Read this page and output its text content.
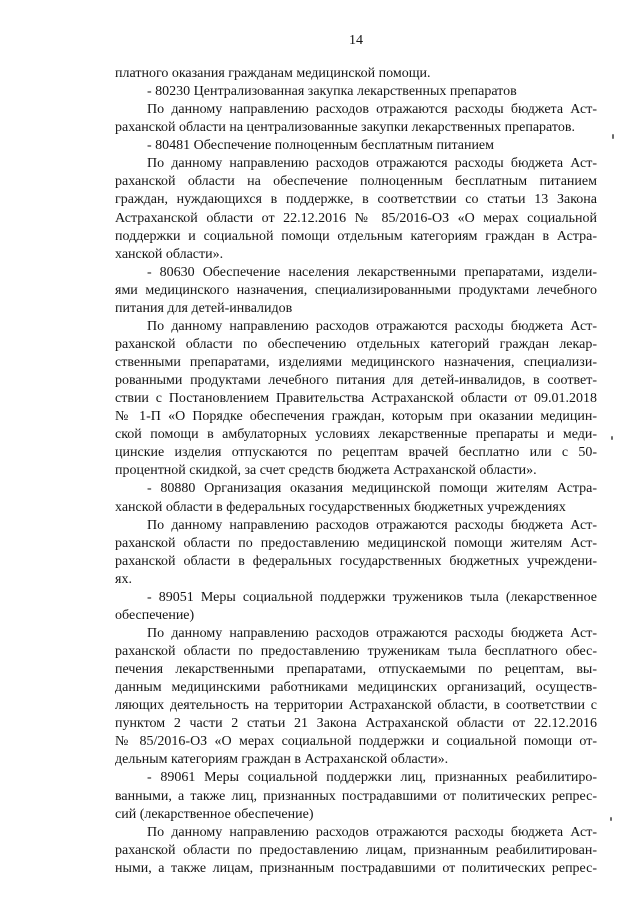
14
платного оказания гражданам медицинской помощи.
- 80230 Централизованная закупка лекарственных препаратов
По данному направлению расходов отражаются расходы бюджета Аст-
раханской области на централизованные закупки лекарственных препаратов.
- 80481 Обеспечение полноценным бесплатным питанием
По данному направлению расходов отражаются расходы бюджета Аст-
раханской области на обеспечение полноценным бесплатным питанием
граждан, нуждающихся в поддержке, в соответствии со статьи 13 Закона
Астраханской области от 22.12.2016 № 85/2016-ОЗ «О мерах социальной
поддержки и социальной помощи отдельным категориям граждан в Астра-
ханской области».
- 80630 Обеспечение населения лекарственными препаратами, издели-
ями медицинского назначения, специализированными продуктами лечебного
питания для детей-инвалидов
По данному направлению расходов отражаются расходы бюджета Аст-
раханской области по обеспечению отдельных категорий граждан лекар-
ственными препаратами, изделиями медицинского назначения, специализи-
рованными продуктами лечебного питания для детей-инвалидов, в соответ-
ствии с Постановлением Правительства Астраханской области от 09.01.2018
№ 1-П «О Порядке обеспечения граждан, которым при оказании медицин-
ской помощи в амбулаторных условиях лекарственные препараты и меди-
цинские изделия отпускаются по рецептам врачей бесплатно или с 50-
процентной скидкой, за счет средств бюджета Астраханской области».
- 80880 Организация оказания медицинской помощи жителям Астра-
ханской области в федеральных государственных бюджетных учреждениях
По данному направлению расходов отражаются расходы бюджета Аст-
раханской области по предоставлению медицинской помощи жителям Аст-
раханской области в федеральных государственных бюджетных учреждени-
ях.
- 89051 Меры социальной поддержки тружеников тыла (лекарственное
обеспечение)
По данному направлению расходов отражаются расходы бюджета Аст-
раханской области по предоставлению труженикам тыла бесплатного обес-
печения лекарственными препаратами, отпускаемыми по рецептам, вы-
данным медицинскими работниками медицинских организаций, осуществ-
ляющих деятельность на территории Астраханской области, в соответствии с
пунктом 2 части 2 статьи 21 Закона Астраханской области от 22.12.2016
№ 85/2016-ОЗ «О мерах социальной поддержки и социальной помощи от-
дельным категориям граждан в Астраханской области».
- 89061 Меры социальной поддержки лиц, признанных реабилитиро-
ванными, а также лиц, признанных пострадавшими от политических репрес-
сий (лекарственное обеспечение)
По данному направлению расходов отражаются расходы бюджета Аст-
раханской области по предоставлению лицам, признанным реабилитирован-
ными, а также лицам, признанным пострадавшими от политических репрес-
